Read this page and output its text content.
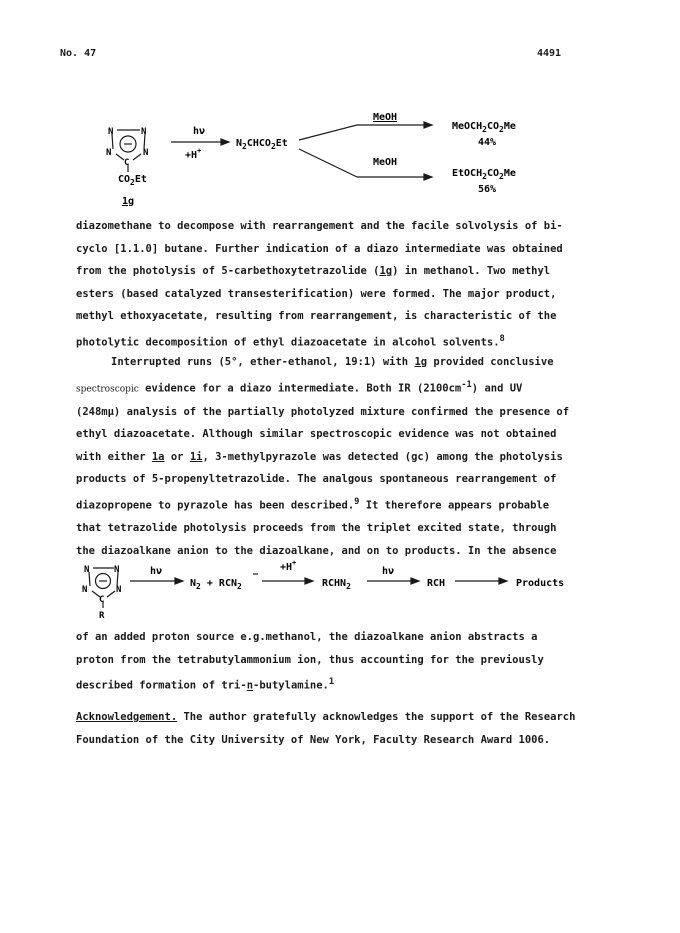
No. 47	4491
N	N
N	N
C
$CO_2Et$
1g
hν
+H+
$N_2CHCO_2Et$
MeOH
MeOH
$MeOCH_2CO_2Me$
44%
$EtOCH_2CO_2Me$
56%
diazomethane to decompose with rearrangement and the facile solvolysis of bi-
cyclo [1.1.0] butane. Further indication of a diazo intermediate was obtained
from the photolysis of 5-carbethoxytetrazolide (1g) in methanol. Two methyl
esters (based catalyzed transesterification) were formed. The major product,
methyl ethoxyacetate, resulting from rearrangement, is characteristic of the
photolytic decomposition of ethyl diazoacetate in alcohol solvents.$^8$
Interrupted runs (5°, ether-ethanol, 19:1) with 1g provided conclusive
spectroscopic evidence for a diazo intermediate. Both IR $(2100cm^{-1})$ and UV
(248mμ) analysis of the partially photolyzed mixture confirmed the presence of
ethyl diazoacetate. Although similar spectroscopic evidence was not obtained
with either 1a or 1i, 3-methylpyrazole was detected (gc) among the photolysis
products of 5-propenyltetrazolide. The analgous spontaneous rearrangement of
diazopropene to pyrazole has been described.$^9$ It therefore appears probable
that tetrazolide photolysis proceeds from the triplet excited state, through
the diazoalkane anion to the diazoalkane, and on to products. In the absence
N	N
N	N
C
R
hν
$N_2 + RCN_2$
+H+
$RCHN_2$
hν
RCH	Products
of an added proton source e.g.methanol, the diazoalkane anion abstracts a
proton from the tetrabutylammonium ion, thus accounting for the previously
described formation of tri-n-butylamine.$^1$
Acknowledgement. The author gratefully acknowledges the support of the Research
Foundation of the City University of New York, Faculty Research Award 1006.
